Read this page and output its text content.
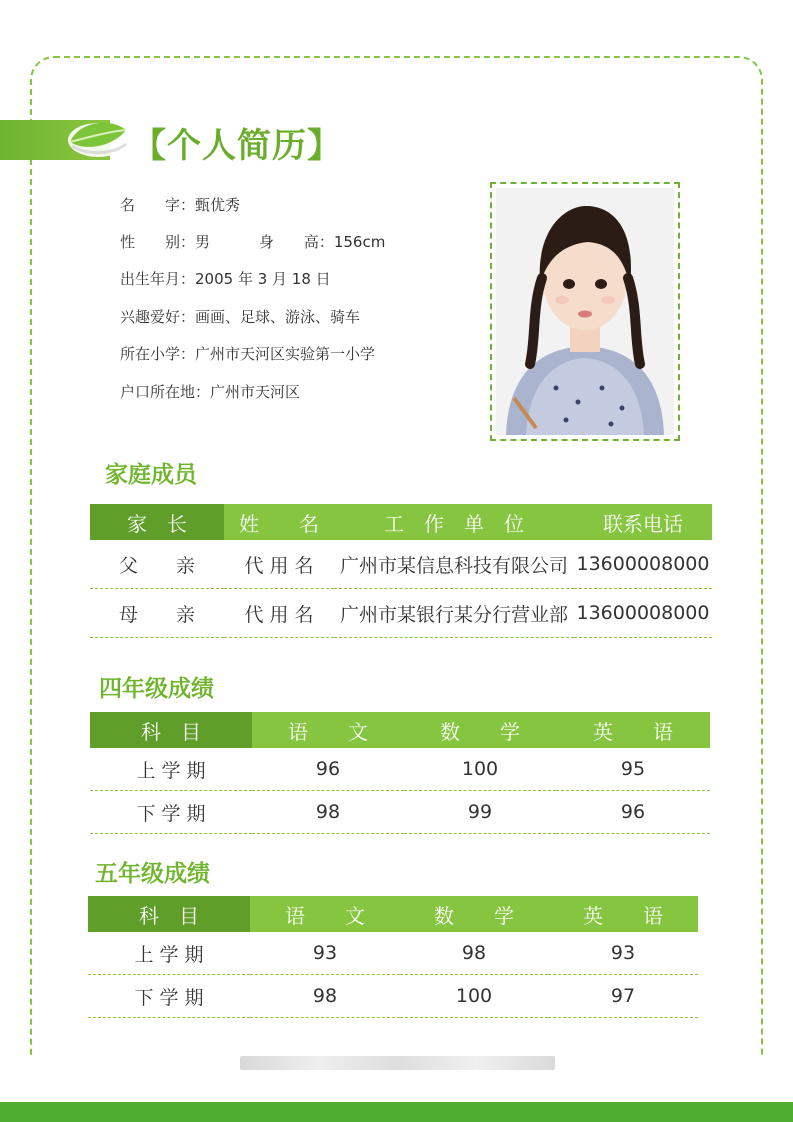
【个人简历】
名　　字：甄优秀
性　　别：男	身　　高：156cm
出生年月：2005 年 3 月 18 日
兴趣爱好：画画、足球、游泳、骑车
所在小学：广州市天河区实验第一小学
户口所在地：广州市天河区
家庭成员
家　长	姓　　名	工　作　单　位	联系电话
父　　亲	代 用 名	广州市某信息科技有限公司	13600008000
母　　亲	代 用 名	广州市某银行某分行营业部	13600008000
四年级成绩
科　目	语　　文	数　　学	英　　语
上 学 期	96	100	95
下 学 期	98	99	96
五年级成绩
科　目	语　　文	数　　学	英　　语
上 学 期	93	98	93
下 学 期	98	100	97
